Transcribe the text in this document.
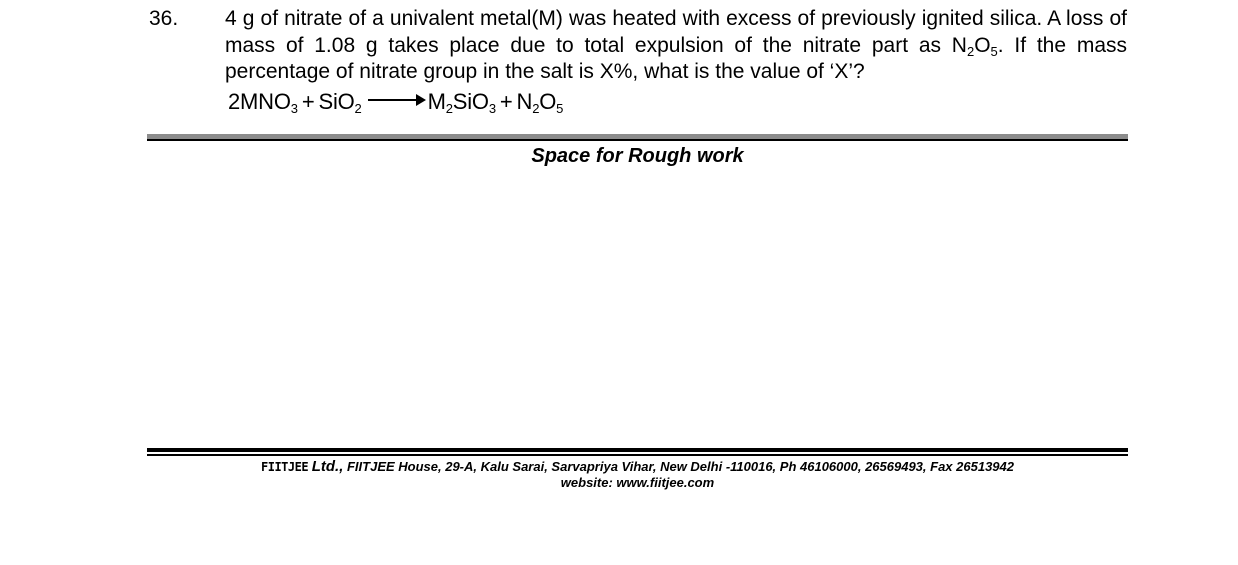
36. 4 g of nitrate of a univalent metal(M) was heated with excess of previously ignited silica. A loss of mass of 1.08 g takes place due to total expulsion of the nitrate part as $N_2O_5$. If the mass percentage of nitrate group in the salt is X%, what is the value of ‘X’?
$2MNO_3 + SiO_2$	$M_2SiO_3 + N_2O_5$
Space for Rough work
FIITJEE Ltd., FIITJEE House, 29-A, Kalu Sarai, Sarvapriya Vihar, New Delhi -110016, Ph 46106000, 26569493, Fax 26513942
website: www.fiitjee.com
